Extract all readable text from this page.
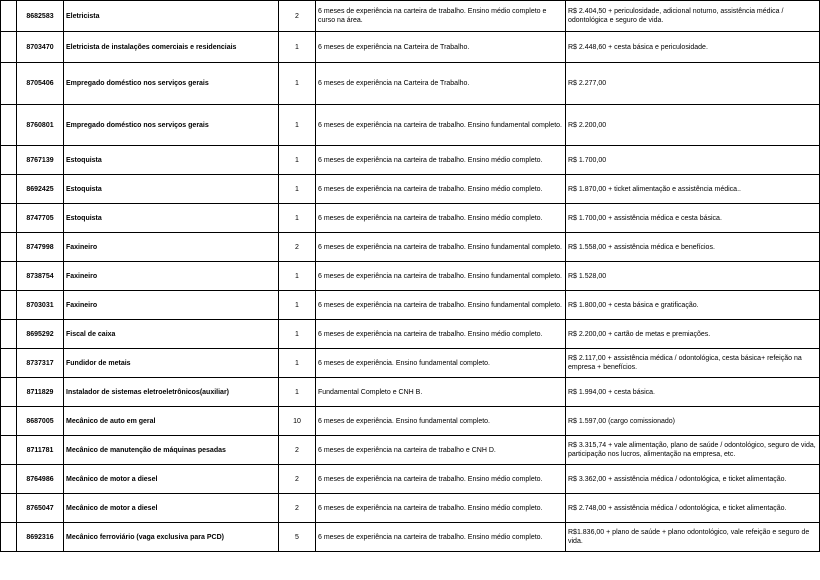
	8682583	Eletricista	2	6 meses de experiência na carteira de trabalho. Ensino médio completo e curso na área.	R$ 2.404,50 + periculosidade, adicional noturno, assistência médica / odontológica e seguro de vida.
	8703470	Eletricista de instalações comerciais e residenciais	1	6 meses de experiência na Carteira de Trabalho.	R$ 2.448,60 + cesta básica e periculosidade.
	8705406	Empregado doméstico nos serviços gerais	1	6 meses de experiência na Carteira de Trabalho.	R$ 2.277,00
	8760801	Empregado doméstico nos serviços gerais	1	6 meses de experiência na carteira de trabalho. Ensino fundamental completo.	R$ 2.200,00
	8767139	Estoquista	1	6 meses de experiência na carteira de trabalho. Ensino médio completo.	R$ 1.700,00
	8692425	Estoquista	1	6 meses de experiência na carteira de trabalho. Ensino médio completo.	R$ 1.870,00 + ticket alimentação e assistência médica..
	8747705	Estoquista	1	6 meses de experiência na carteira de trabalho. Ensino médio completo.	R$ 1.700,00 + assistência médica e cesta básica.
	8747998	Faxineiro	2	6 meses de experiência na carteira de trabalho. Ensino fundamental completo.	R$ 1.558,00 + assistência médica e benefícios.
	8738754	Faxineiro	1	6 meses de experiência na carteira de trabalho. Ensino fundamental completo.	R$ 1.528,00
	8703031	Faxineiro	1	6 meses de experiência na carteira de trabalho. Ensino fundamental completo.	R$ 1.800,00 + cesta básica e gratificação.
	8695292	Fiscal de caixa	1	6 meses de experiência na carteira de trabalho. Ensino médio completo.	R$ 2.200,00 + cartão de metas e premiações.
	8737317	Fundidor de metais	1	6 meses de experiência. Ensino fundamental completo.	R$ 2.117,00 + assistência médica / odontológica, cesta básica+ refeição na empresa + benefícios.
	8711829	Instalador de sistemas eletroeletrônicos(auxiliar)	1	Fundamental Completo e CNH B.	R$ 1.994,00 + cesta básica.
	8687005	Mecânico de auto em geral	10	6 meses de experiência. Ensino fundamental completo.	R$ 1.597,00 (cargo comissionado)
	8711781	Mecânico de manutenção de máquinas pesadas	2	6 meses de experiência na carteira de trabalho e CNH D.	R$ 3.315,74 + vale alimentação, plano de saúde / odontológico, seguro de vida, participação nos lucros, alimentação na empresa, etc.
	8764986	Mecânico de motor a diesel	2	6 meses de experiência na carteira de trabalho. Ensino médio completo.	R$ 3.362,00 + assistência médica / odontológica, e ticket alimentação.
	8765047	Mecânico de motor a diesel	2	6 meses de experiência na carteira de trabalho. Ensino médio completo.	R$ 2.748,00 + assistência médica / odontológica, e ticket alimentação.
	8692316	Mecânico ferroviário (vaga exclusiva para PCD)	5	6 meses de experiência na carteira de trabalho. Ensino médio completo.	R$1.836,00 + plano de saúde + plano odontológico, vale refeição e seguro de vida.
